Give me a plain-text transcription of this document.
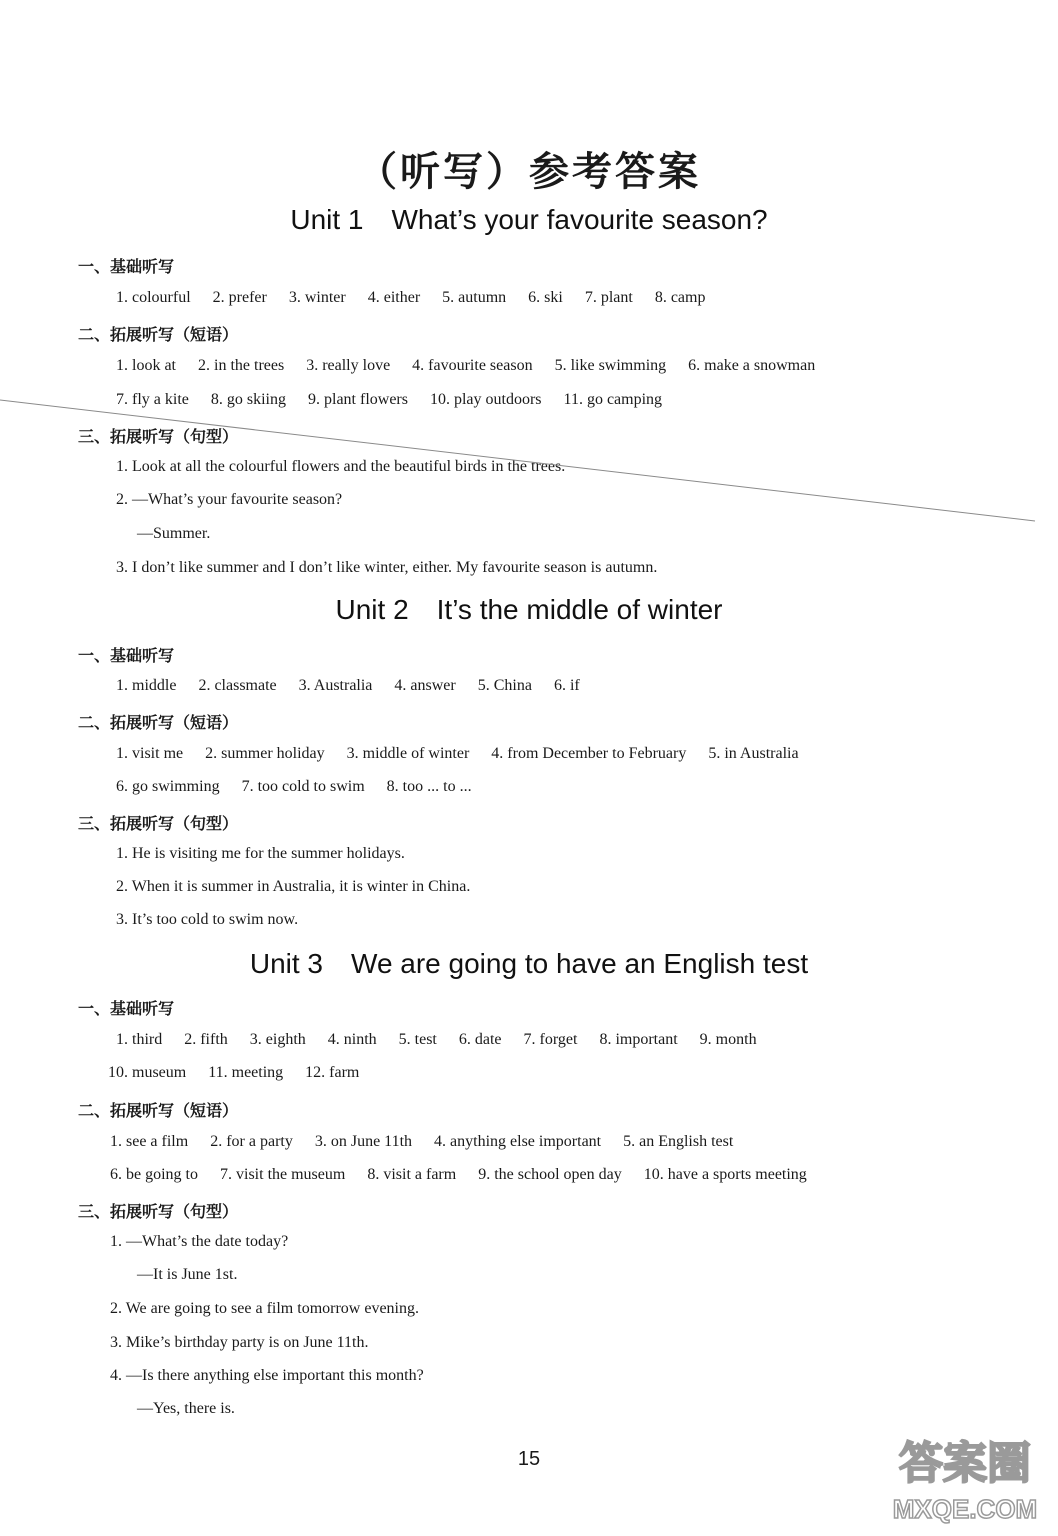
（听写）参考答案
Unit 1 What’s your favourite season?
一、基础听写
1. colourful 2. prefer 3. winter 4. either 5. autumn 6. ski 7. plant 8. camp
二、拓展听写（短语）
1. look at 2. in the trees 3. really love 4. favourite season 5. like swimming 6. make a snowman
7. fly a kite 8. go skiing 9. plant flowers 10. play outdoors 11. go camping
三、拓展听写（句型）
1. Look at all the colourful flowers and the beautiful birds in the trees.
2. —What’s your favourite season?
—Summer.
3. I don’t like summer and I don’t like winter, either. My favourite season is autumn.
Unit 2 It’s the middle of winter
一、基础听写
1. middle 2. classmate 3. Australia 4. answer 5. China 6. if
二、拓展听写（短语）
1. visit me 2. summer holiday 3. middle of winter 4. from December to February 5. in Australia
6. go swimming 7. too cold to swim 8. too ... to ...
三、拓展听写（句型）
1. He is visiting me for the summer holidays.
2. When it is summer in Australia, it is winter in China.
3. It’s too cold to swim now.
Unit 3 We are going to have an English test
一、基础听写
1. third 2. fifth 3. eighth 4. ninth 5. test 6. date 7. forget 8. important 9. month
10. museum 11. meeting 12. farm
二、拓展听写（短语）
1. see a film 2. for a party 3. on June 11th 4. anything else important 5. an English test
6. be going to 7. visit the museum 8. visit a farm 9. the school open day 10. have a sports meeting
三、拓展听写（句型）
1. —What’s the date today?
—It is June 1st.
2. We are going to see a film tomorrow evening.
3. Mike’s birthday party is on June 11th.
4. —Is there anything else important this month?
—Yes, there is.
15	答案圈
MXQE.COM
